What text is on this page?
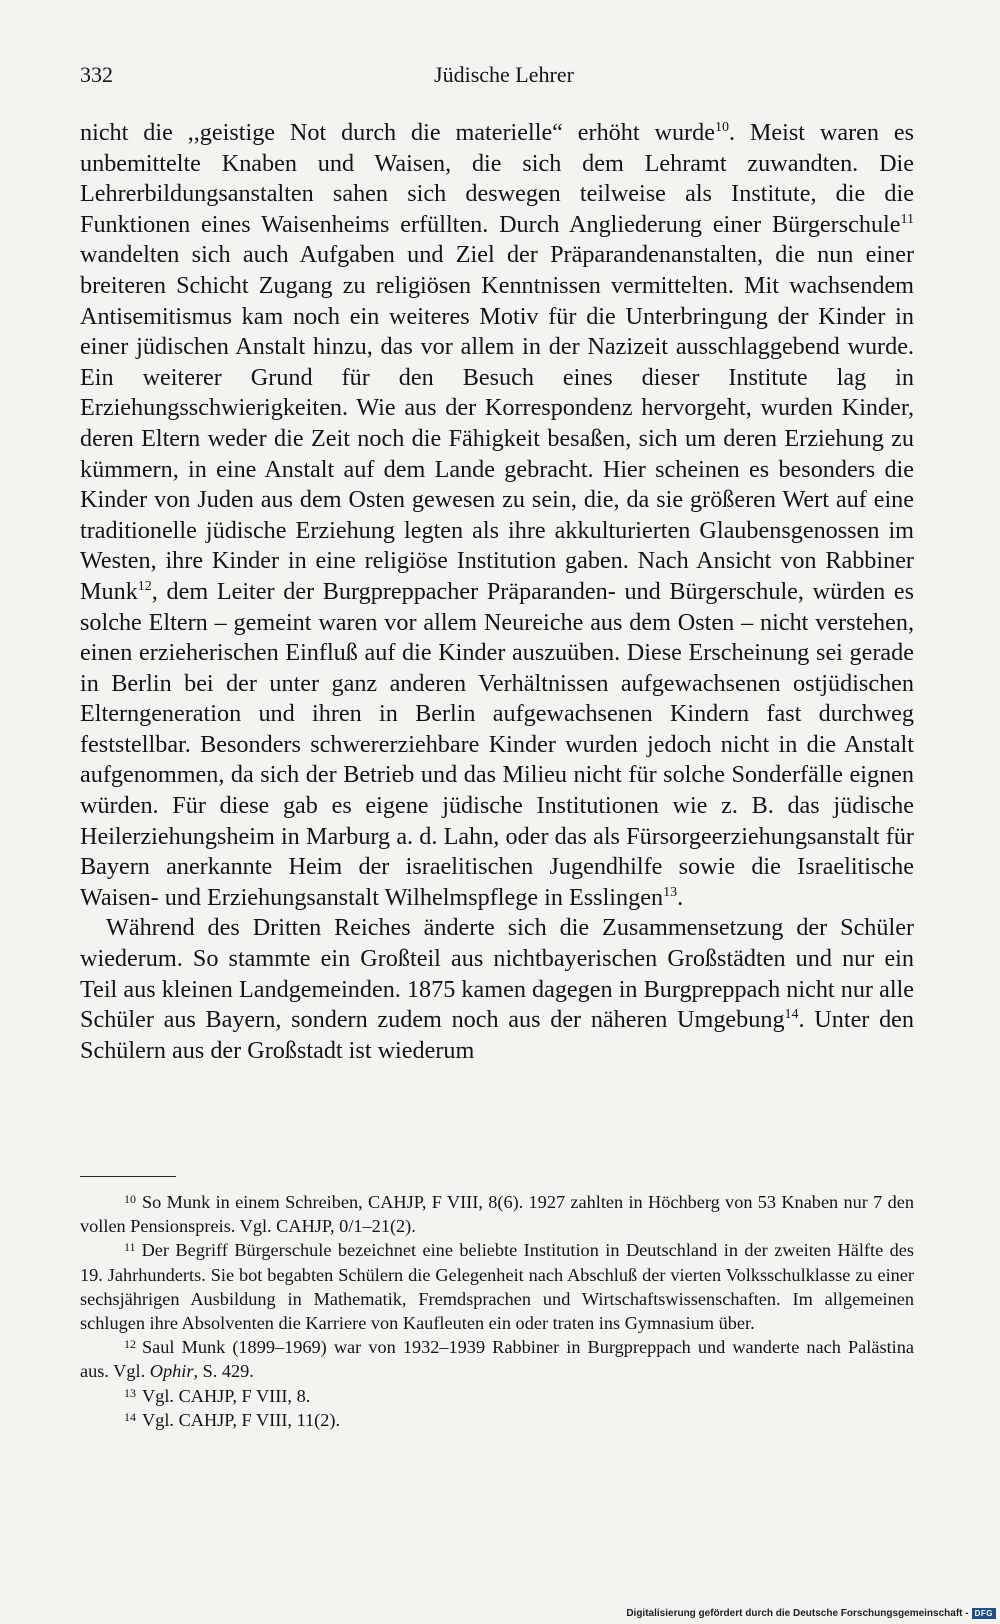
332	Jüdische Lehrer

nicht die ,,geistige Not durch die materielle“ erhöht wurde$^{10}$. Meist waren es unbemittelte Knaben und Waisen, die sich dem Lehramt zuwandten. Die Lehrerbildungsanstalten sahen sich deswegen teilweise als Institute, die die Funktionen eines Waisenheims erfüllten. Durch Angliederung einer Bürgerschule$^{11}$ wandelten sich auch Aufgaben und Ziel der Präparandenanstalten, die nun einer breiteren Schicht Zugang zu religiösen Kenntnissen vermittelten. Mit wachsendem Antisemitismus kam noch ein weiteres Motiv für die Unterbringung der Kinder in einer jüdischen Anstalt hinzu, das vor allem in der Nazizeit ausschlaggebend wurde. Ein weiterer Grund für den Besuch eines dieser Institute lag in Erziehungsschwierigkeiten. Wie aus der Korrespondenz hervorgeht, wurden Kinder, deren Eltern weder die Zeit noch die Fähigkeit besaßen, sich um deren Erziehung zu kümmern, in eine Anstalt auf dem Lande gebracht. Hier scheinen es besonders die Kinder von Juden aus dem Osten gewesen zu sein, die, da sie größeren Wert auf eine traditionelle jüdische Erziehung legten als ihre akkulturierten Glaubensgenossen im Westen, ihre Kinder in eine religiöse Institution gaben. Nach Ansicht von Rabbiner Munk$^{12}$, dem Leiter der Burgpreppacher Präparanden- und Bürgerschule, würden es solche Eltern – gemeint waren vor allem Neureiche aus dem Osten – nicht verstehen, einen erzieherischen Einfluß auf die Kinder auszuüben. Diese Erscheinung sei gerade in Berlin bei der unter ganz anderen Verhältnissen aufgewachsenen ostjüdischen Elterngeneration und ihren in Berlin aufgewachsenen Kindern fast durchweg feststellbar. Besonders schwererziehbare Kinder wurden jedoch nicht in die Anstalt aufgenommen, da sich der Betrieb und das Milieu nicht für solche Sonderfälle eignen würden. Für diese gab es eigene jüdische Institutionen wie z. B. das jüdische Heilerziehungsheim in Marburg a. d. Lahn, oder das als Fürsorgeerziehungsanstalt für Bayern anerkannte Heim der israelitischen Jugendhilfe sowie die Israelitische Waisen- und Erziehungsanstalt Wilhelmspflege in Esslingen$^{13}$.

Während des Dritten Reiches änderte sich die Zusammensetzung der Schüler wiederum. So stammte ein Großteil aus nichtbayerischen Großstädten und nur ein Teil aus kleinen Landgemeinden. 1875 kamen dagegen in Burgpreppach nicht nur alle Schüler aus Bayern, sondern zudem noch aus der näheren Umgebung$^{14}$. Unter den Schülern aus der Großstadt ist wiederum

$^{10}$ So Munk in einem Schreiben, CAHJP, F VIII, 8(6). 1927 zahlten in Höchberg von 53 Knaben nur 7 den vollen Pensionspreis. Vgl. CAHJP, 0/1–21(2).

$^{11}$ Der Begriff Bürgerschule bezeichnet eine beliebte Institution in Deutschland in der zweiten Hälfte des 19. Jahrhunderts. Sie bot begabten Schülern die Gelegenheit nach Abschluß der vierten Volksschulklasse zu einer sechsjährigen Ausbildung in Mathematik, Fremdsprachen und Wirtschaftswissenschaften. Im allgemeinen schlugen ihre Absolventen die Karriere von Kaufleuten ein oder traten ins Gymnasium über.

$^{12}$ Saul Munk (1899–1969) war von 1932–1939 Rabbiner in Burgpreppach und wanderte nach Palästina aus. Vgl. Ophir, S. 429.

$^{13}$ Vgl. CAHJP, F VIII, 8.

$^{14}$ Vgl. CAHJP, F VIII, 11(2).

Digitalisierung gefördert durch die Deutsche Forschungsgemeinschaft - DFG
